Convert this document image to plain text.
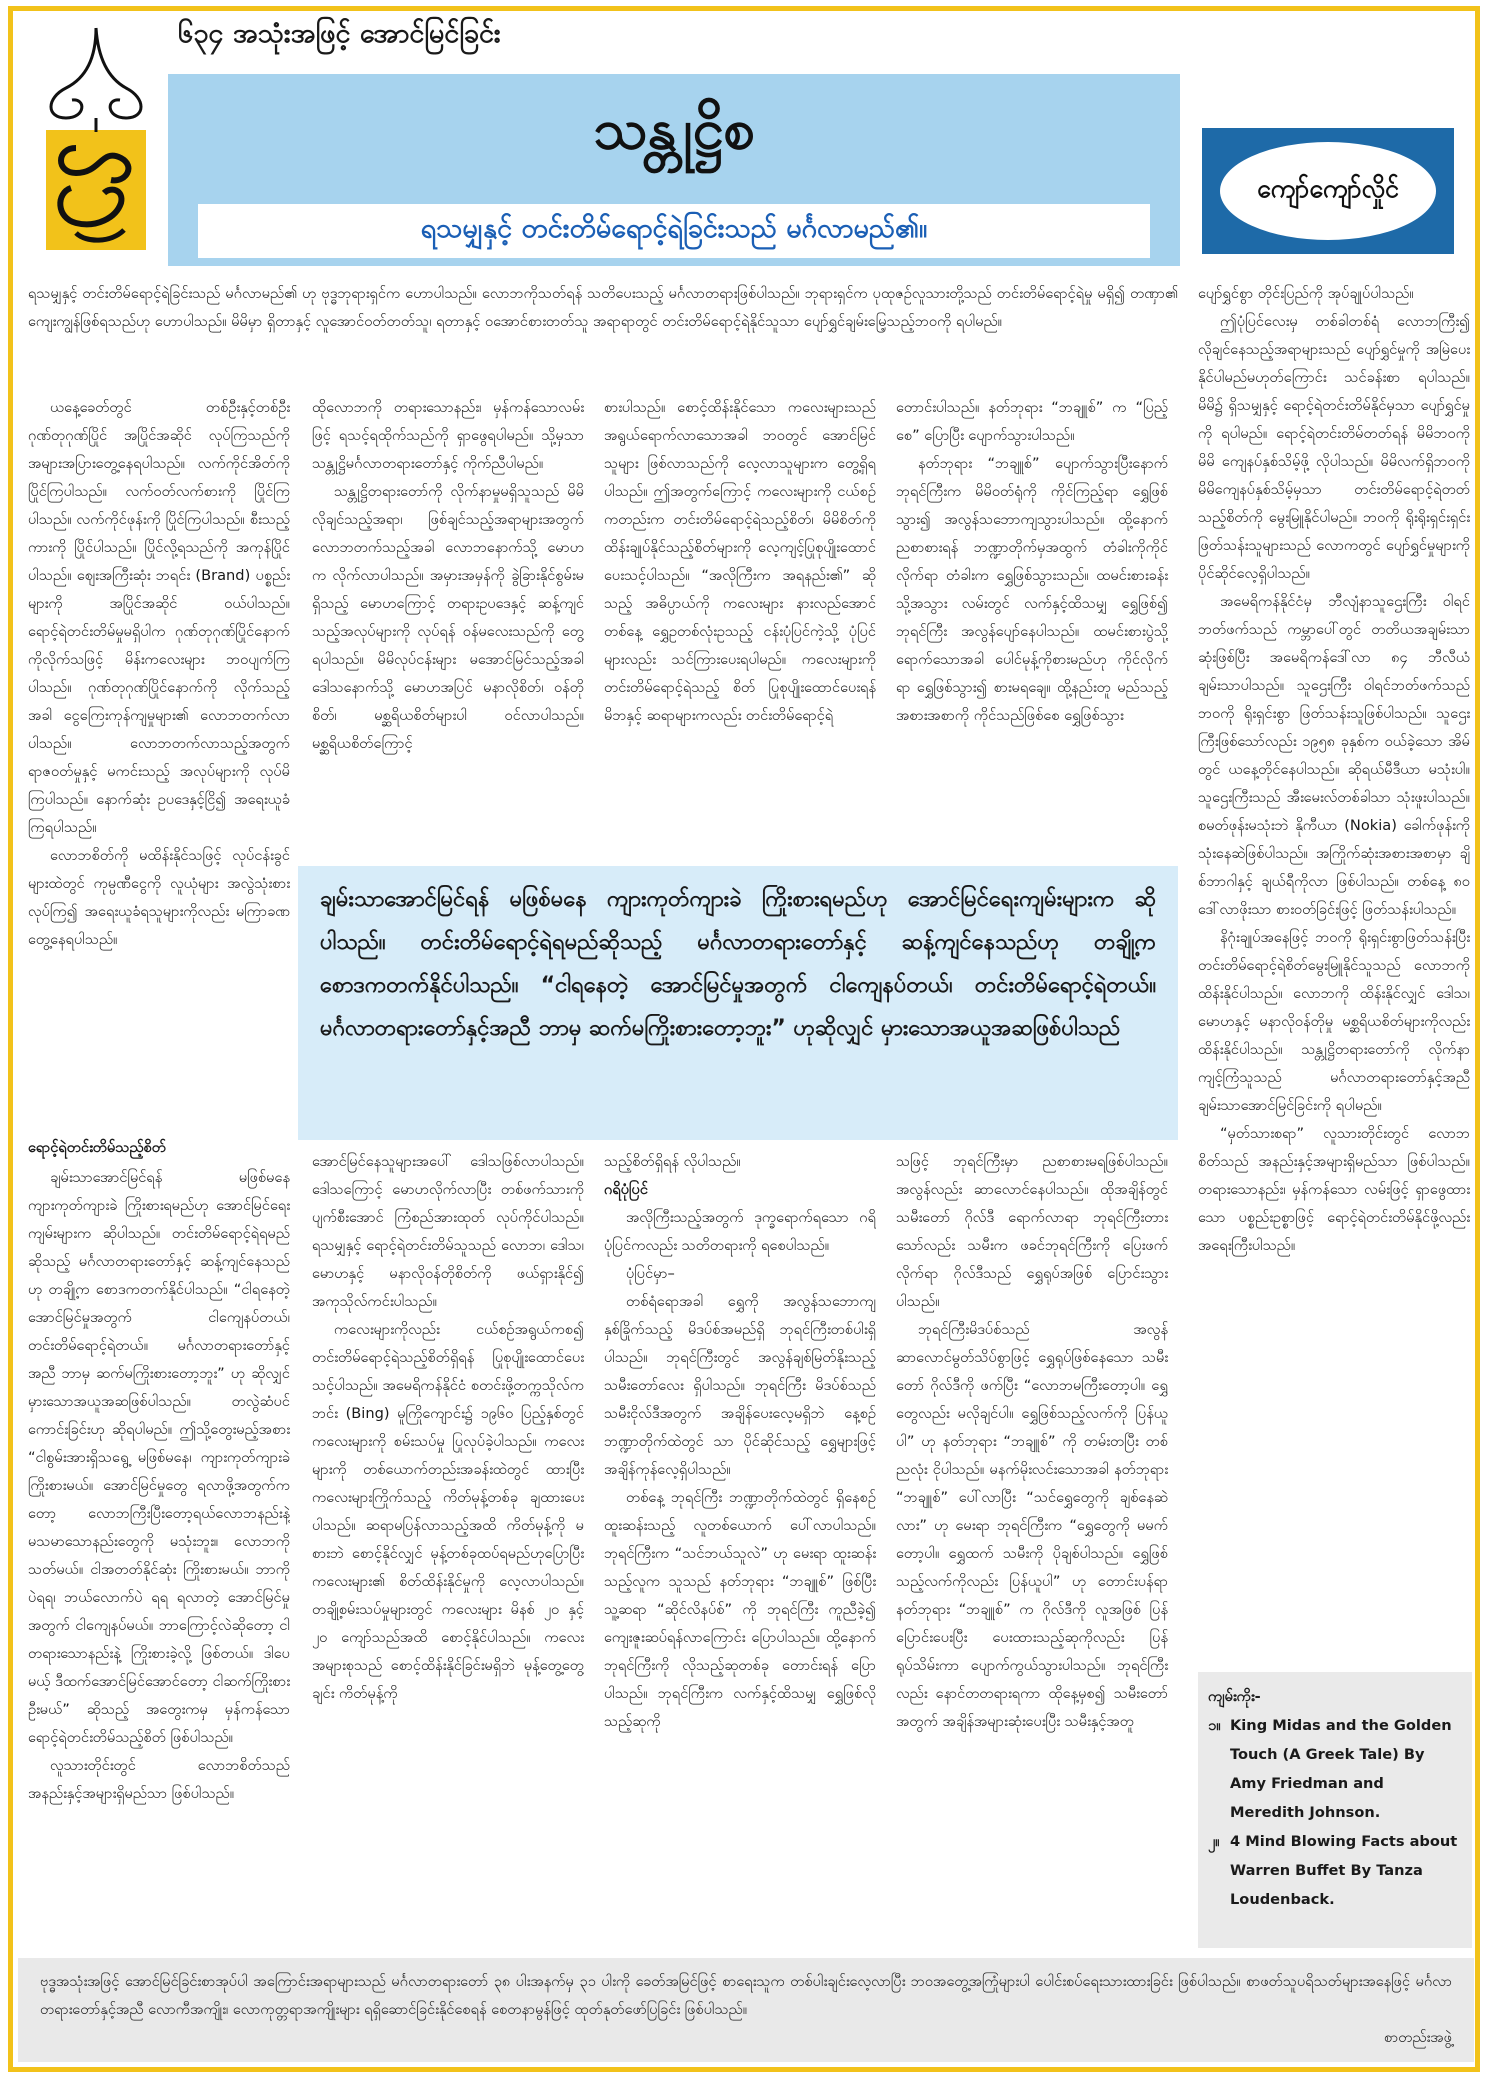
၆၃၄ အသုံးအဖြင့် အောင်မြင်ခြင်း
သန္တုဋ္ဌိစ
ရသမျှနှင့် တင်းတိမ်ရောင့်ရဲခြင်းသည် မင်္ဂလာမည်၏။
ကျော်ကျော်လှိုင်

ရသမျှနှင့် တင်းတိမ်ရောင့်ရဲခြင်းသည် မင်္ဂလာမည်၏ ဟု ဗုဒ္ဓဘုရားရှင်က ဟောပါသည်။ လောဘကိုသတ်ရန် သတိပေးသည့် မင်္ဂလာတရားဖြစ်ပါသည်။ ဘုရားရှင်က ပုထုဇဉ်လူသားတို့သည် တင်းတိမ်ရောင့်ရဲမှု မရှိ၍ တဏှာ၏ ကျေးကျွန်ဖြစ်ရသည်ဟု ဟောပါသည်။ မိမိမှာ ရှိတာနှင့် လူအောင်ဝတ်တတ်သူ၊ ရတာနှင့် ဝအောင်စားတတ်သူ အရာရာတွင် တင်းတိမ်ရောင့်ရဲနိုင်သူသာ ပျော်ရွှင်ချမ်းမြေ့သည့်ဘဝကို ရပါမည်။

ယနေ့ခေတ်တွင် တစ်ဦးနှင့်တစ်ဦး ဂုဏ်တုဂုဏ်ပြိုင် အပြိုင်အဆိုင် လုပ်ကြသည်ကို အများအပြားတွေ့နေရပါသည်။ လက်ကိုင်အိတ်ကို ပြိုင်ကြပါသည်။ လက်ဝတ်လက်စားကို ပြိုင်ကြပါသည်။ လက်ကိုင်ဖုန်းကို ပြိုင်ကြပါသည်။ စီးသည့်ကားကို ပြိုင်ပါသည်။ ပြိုင်လို့ရသည်ကို အကုန်ပြိုင်ပါသည်။ ဈေးအကြီးဆုံး ဘရင်း (Brand) ပစ္စည်းများကို အပြိုင်အဆိုင် ဝယ်ပါသည်။ ရောင့်ရဲတင်းတိမ်မှုမရှိပါက ဂုဏ်တုဂုဏ်ပြိုင်နောက်ကိုလိုက်သဖြင့် မိန်းကလေးများ ဘဝပျက်ကြပါသည်။ ဂုဏ်တုဂုဏ်ပြိုင်နောက်ကို လိုက်သည့်အခါ ငွေကြေးကုန်ကျမှုများ၏ လောဘတက်လာပါသည်။ လောဘတက်လာသည့်အတွက် ရာဇဝတ်မှုနှင့် မကင်းသည့် အလုပ်များကို လုပ်မိကြပါသည်။ နောက်ဆုံး ဥပဒေနှင့်ငြိ၍ အရေးယူခံကြရပါသည်။

လောဘစိတ်ကို မထိန်းနိုင်သဖြင့် လုပ်ငန်းခွင်များထဲတွင် ကုမ္ပဏီငွေကို လူယုံများ အလွဲသုံးစားလုပ်ကြ၍ အရေးယူခံရသူများကိုလည်း မကြာခဏ တွေ့နေရပါသည်။

ရောင့်ရဲတင်းတိမ်သည့်စိတ်

ချမ်းသာအောင်မြင်ရန် မဖြစ်မနေ ကျားကုတ်ကျားခဲ ကြိုးစားရမည်ဟု အောင်မြင်ရေးကျမ်းများက ဆိုပါသည်။ တင်းတိမ်ရောင့်ရဲရမည်ဆိုသည့် မင်္ဂလာတရားတော်နှင့် ဆန့်ကျင်နေသည်ဟု တချို့က စောဒကတက်နိုင်ပါသည်။ “ငါရနေတဲ့ အောင်မြင်မှုအတွက် ငါကျေနပ်တယ်၊ တင်းတိမ်ရောင့်ရဲတယ်။ မင်္ဂလာတရားတော်နှင့်အညီ ဘာမှ ဆက်မကြိုးစားတော့ဘူး” ဟု ဆိုလျှင် မှားသောအယူအဆဖြစ်ပါသည်။ တလွဲဆံပင်ကောင်းခြင်းဟု ဆိုရပါမည်။ ဤသို့တွေးမည့်အစား “ငါစွမ်းအားရှိသရွေ့ မဖြစ်မနေ၊ ကျားကုတ်ကျားခဲ ကြိုးစားမယ်။ အောင်မြင်မှုတွေ ရလာဖို့အတွက်က တော့ လောဘကြီးပြီးတော့ရယ်လောဘနည်းနဲ့ မသမာသောနည်းတွေကို မသုံးဘူး။ လောဘကိုသတ်မယ်။ ငါအတတ်နိုင်ဆုံး ကြိုးစားမယ်။ ဘာကိုပဲရရ၊ ဘယ်လောက်ပဲ ရရ ရလာတဲ့ အောင်မြင်မှုအတွက် ငါကျေနပ်မယ်။ ဘာကြောင့်လဲဆိုတော့ ငါတရားသောနည်းနဲ့ ကြိုးစားခဲ့လို့ ဖြစ်တယ်။ ဒါပေမယ့် ဒီထက်အောင်မြင်အောင်တော့ ငါဆက်ကြိုးစားဦးမယ်” ဆိုသည့် အတွေးကမှ မှန်ကန်သော ရောင့်ရဲတင်းတိမ်သည့်စိတ် ဖြစ်ပါသည်။

လူသားတိုင်းတွင် လောဘစိတ်သည် အနည်းနှင့်အများရှိမည်သာ ဖြစ်ပါသည်။

ထိုလောဘကို တရားသောနည်း၊ မှန်ကန်သောလမ်းဖြင့် ရသင့်ရထိုက်သည်ကို ရှာဖွေရပါမည်။ သို့မှသာ သန္တုဋ္ဌိမင်္ဂလာတရားတော်နှင့် ကိုက်ညီပါမည်။

သန္တုဋ္ဌိတရားတော်ကို လိုက်နာမှုမရှိသူသည် မိမိလိုချင်သည့်အရာ၊ ဖြစ်ချင်သည့်အရာများအတွက် လောဘတက်သည့်အခါ လောဘနောက်သို့ မောဟက လိုက်လာပါသည်။ အမှားအမှန်ကို ခွဲခြားနိုင်စွမ်းမရှိသည့် မောဟကြောင့် တရားဥပဒေနှင့် ဆန့်ကျင်သည့်အလုပ်များကို လုပ်ရန် ဝန်မလေးသည်ကို တွေ့ရပါသည်။ မိမိလုပ်ငန်းများ မအောင်မြင်သည့်အခါ ဒေါသနောက်သို့ မောဟအပြင် မနာလိုစိတ်၊ ဝန်တိုစိတ်၊ မစ္ဆရိယစိတ်များပါ ဝင်လာပါသည်။ မစ္ဆရိယစိတ်ကြောင့်

အောင်မြင်နေသူများအပေါ် ဒေါသဖြစ်လာပါသည်။ ဒေါသကြောင့် မောဟလိုက်လာပြီး တစ်ဖက်သားကို ပျက်စီးအောင် ကြံစည်အားထုတ် လုပ်ကိုင်ပါသည်။ ရသမျှနှင့် ရောင့်ရဲတင်းတိမ်သူသည် လောဘ၊ ဒေါသ၊ မောဟနှင့် မနာလိုဝန်တိုစိတ်ကို ဖယ်ရှားနိုင်၍ အကုသိုလ်ကင်းပါသည်။

ကလေးများကိုလည်း ငယ်စဉ်အရွယ်ကစ၍ တင်းတိမ်ရောင့်ရဲသည့်စိတ်ရှိရန် ပြုစုပျိုးထောင်ပေးသင့်ပါသည်။ အမေရိကန်နိုင်ငံ စတင်းဖို့တက္ကသိုလ်က ဘင်း (Bing) မူကြိုကျောင်း၌ ၁၉၆၀ ပြည့်နှစ်တွင် ကလေးများကို စမ်းသပ်မှု ပြုလုပ်ခဲ့ပါသည်။ ကလေးများကို တစ်ယောက်တည်းအခန်းထဲတွင် ထားပြီး ကလေးများကြိုက်သည့် ကိတ်မုန့်တစ်ခု ချထားပေးပါသည်။ ဆရာမပြန်လာသည့်အထိ ကိတ်မုန့်ကို မစားဘဲ စောင့်နိုင်လျှင် မုန့်တစ်ခုထပ်ရမည်ဟုပြောပြီး ကလေးများ၏ စိတ်ထိန်းနိုင်မှုကို လေ့လာပါသည်။ တချို့စမ်းသပ်မှုများတွင် ကလေးများ မိနစ် ၂၀ နှင့် ၂၀ ကျော်သည်အထိ စောင့်နိုင်ပါသည်။ ကလေးအများစုသည် စောင့်ထိန်းနိုင်ခြင်းမရှိဘဲ မုန့်တွေ့တွေ့ချင်း ကိတ်မုန့်ကို

စားပါသည်။ စောင့်ထိန်းနိုင်သော ကလေးများသည် အရွယ်ရောက်လာသောအခါ ဘဝတွင် အောင်မြင်သူများ ဖြစ်လာသည်ကို လေ့လာသူများက တွေ့ရှိရပါသည်။ ဤအတွက်ကြောင့် ကလေးများကို ငယ်စဉ်ကတည်းက တင်းတိမ်ရောင့်ရဲသည့်စိတ်၊ မိမိစိတ်ကို ထိန်းချုပ်နိုင်သည့်စိတ်များကို လေ့ကျင့်ပြုစုပျိုးထောင်ပေးသင့်ပါသည်။ “အလိုကြီးက အရနည်း၏” ဆိုသည့် အဓိပ္ပာယ်ကို ကလေးများ နားလည်အောင် တစ်နေ့ ရွှေဥတစ်လုံးဥသည့် ငန်းပုံပြင်ကဲ့သို့ ပုံပြင်များလည်း သင်ကြားပေးရပါမည်။ ကလေးများကို တင်းတိမ်ရောင့်ရဲသည့် စိတ် ပြုစုပျိုးထောင်ပေးရန် မိဘနှင့် ဆရာများကလည်း တင်းတိမ်ရောင့်ရဲ

သည့်စိတ်ရှိရန် လိုပါသည်။

ဂရိပုံပြင်

အလိုကြီးသည့်အတွက် ဒုက္ခရောက်ရသော ဂရိပုံပြင်ကလည်း သတိတရားကို ရစေပါသည်။

ပုံပြင်မှာ–

တစ်ရံရောအခါ ရွှေကို အလွန်သဘောကျ နှစ်ခြိုက်သည့် မိဒပ်စ်အမည်ရှိ ဘုရင်ကြီးတစ်ပါးရှိပါသည်။ ဘုရင်ကြီးတွင် အလွန်ချစ်မြတ်နိုးသည့် သမီးတော်လေး ရှိပါသည်။ ဘုရင်ကြီး မိဒပ်စ်သည် သမီးငိုလ်ဒီအတွက် အချိန်ပေးလေ့မရှိဘဲ နေ့စဉ်ဘဏ္ဍာတိုက်ထဲတွင် သာ ပိုင်ဆိုင်သည့် ရွှေများဖြင့် အချိန်ကုန်လေ့ရှိပါသည်။

တစ်နေ့ ဘုရင်ကြီး ဘဏ္ဍာတိုက်ထဲတွင် ရှိနေစဉ် ထူးဆန်းသည့် လူတစ်ယောက် ပေါ်လာပါသည်။ ဘုရင်ကြီးက “သင်ဘယ်သူလဲ” ဟု မေးရာ ထူးဆန်းသည့်လူက သူသည် နတ်ဘုရား “ဘချူစ်” ဖြစ်ပြီး သူ့ဆရာ “ဆိုင်လိနပ်စ်” ကို ဘုရင်ကြီး ကူညီခဲ့၍ ကျေးဇူးဆပ်ရန်လာကြောင်း ပြောပါသည်။ ထို့နောက်ဘုရင်ကြီးကို လိုသည့်ဆုတစ်ခု တောင်းရန် ပြောပါသည်။ ဘုရင်ကြီးက လက်နှင့်ထိသမျှ ရွှေဖြစ်လိုသည့်ဆုကို

တောင်းပါသည်။ နတ်ဘုရား “ဘချူစ်” က “ပြည့်စေ” ပြောပြီး ပျောက်သွားပါသည်။

နတ်ဘုရား “ဘချူစ်” ပျောက်သွားပြီးနောက် ဘုရင်ကြီးက မိမိဝတ်ရုံကို ကိုင်ကြည့်ရာ ရွှေဖြစ်သွား၍ အလွန်သဘောကျသွားပါသည်။ ထို့နောက် ညစာစားရန် ဘဏ္ဍာတိုက်မှအထွက် တံခါးကိုကိုင်လိုက်ရာ တံခါးက ရွှေဖြစ်သွားသည်။ ထမင်းစားခန်းသို့အသွား လမ်းတွင် လက်နှင့်ထိသမျှ ရွှေဖြစ်၍ ဘုရင်ကြီး အလွန်ပျော်နေပါသည်။ ထမင်းစားပွဲသို့ ရောက်သောအခါ ပေါင်မုန့်ကိုစားမည်ဟု ကိုင်လိုက်ရာ ရွှေဖြစ်သွား၍ စားမရချေ။ ထို့နည်းတူ မည်သည့်အစားအစာကို ကိုင်သည်ဖြစ်စေ ရွှေဖြစ်သွား

သဖြင့် ဘုရင်ကြီးမှာ ညစာစားမရဖြစ်ပါသည်။ အလွန်လည်း ဆာလောင်နေပါသည်။ ထိုအချိန်တွင် သမီးတော် ဂိုလ်ဒီ ရောက်လာရာ ဘုရင်ကြီးတားသော်လည်း သမီးက ဖခင်ဘုရင်ကြီးကို ပြေးဖက်လိုက်ရာ ဂိုလ်ဒီသည် ရွှေရုပ်အဖြစ် ပြောင်းသွားပါသည်။

ဘုရင်ကြီးမိဒပ်စ်သည် အလွန်ဆာလောင်မွတ်သိပ်စွာဖြင့် ရွှေရုပ်ဖြစ်နေသော သမီးတော် ဂိုလ်ဒီကို ဖက်ပြီး “လောဘမကြီးတော့ပါ။ ရွှေတွေလည်း မလိုချင်ပါ။ ရွှေဖြစ်သည့်လက်ကို ပြန်ယူပါ” ဟု နတ်ဘုရား “ဘချူစ်” ကို တမ်းတပြီး တစ်ညလုံး ငိုပါသည်။ မနက်မိုးလင်းသောအခါ နတ်ဘုရား “ဘချူစ်” ပေါ်လာပြီး “သင်ရွှေတွေကို ချစ်နေဆဲလား” ဟု မေးရာ ဘုရင်ကြီးက “ရွှေတွေကို မမက်တော့ပါ။ ရွှေထက် သမီးကို ပိုချစ်ပါသည်။ ရွှေဖြစ်သည့်လက်ကိုလည်း ပြန်ယူပါ” ဟု တောင်းပန်ရာ နတ်ဘုရား “ဘချူစ်” က ဂိုလ်ဒီကို လူအဖြစ် ပြန်ပြောင်းပေးပြီး ပေးထားသည့်ဆုကိုလည်း ပြန်ရုပ်သိမ်းကာ ပျောက်ကွယ်သွားပါသည်။ ဘုရင်ကြီးလည်း နောင်တတရားရကာ ထိုနေ့မှစ၍ သမီးတော်အတွက် အချိန်အများဆုံးပေးပြီး သမီးနှင့်အတူ

ပျော်ရွှင်စွာ တိုင်းပြည်ကို အုပ်ချုပ်ပါသည်။

ဤပုံပြင်လေးမှ တစ်ခါတစ်ရံ လောဘကြီး၍ လိုချင်နေသည့်အရာများသည် ပျော်ရွှင်မှုကို အမြဲပေးနိုင်ပါမည်မဟုတ်ကြောင်း သင်ခန်းစာ ရပါသည်။ မိမိ၌ ရှိသမျှနှင့် ရောင့်ရဲတင်းတိမ်နိုင်မှသာ ပျော်ရွှင်မှုကို ရပါမည်။ ရောင့်ရဲတင်းတိမ်တတ်ရန် မိမိဘဝကိုမိမိ ကျေနပ်နှစ်သိမ့်ဖို့ လိုပါသည်။ မိမိလက်ရှိဘဝကို မိမိကျေနပ်နှစ်သိမ့်မှသာ တင်းတိမ်ရောင့်ရဲတတ်သည့်စိတ်ကို မွေးမြူနိုင်ပါမည်။ ဘဝကို ရိုးရိုးရှင်းရှင်း ဖြတ်သန်းသူများသည် လောကတွင် ပျော်ရွှင်မှုများကို ပိုင်ဆိုင်လေ့ရှိပါသည်။

အမေရိကန်နိုင်ငံမှ ဘီလျံနာသူဌေးကြီး ဝါရင်ဘတ်ဖက်သည် ကမ္ဘာပေါ်တွင် တတိယအချမ်းသာဆုံးဖြစ်ပြီး အမေရိကန်ဒေါ်လာ ၈၄ ဘီလီယံ ချမ်းသာပါသည်။ သူဌေးကြီး ဝါရင်ဘတ်ဖက်သည် ဘဝကို ရိုးရှင်းစွာ ဖြတ်သန်းသူဖြစ်ပါသည်။ သူဌေးကြီးဖြစ်သော်လည်း ၁၉၅၈ ခုနှစ်က ဝယ်ခဲ့သော အိမ်တွင် ယနေ့တိုင်နေပါသည်။ ဆိုရယ်မီဒီယာ မသုံးပါ။ သူဌေးကြီးသည် အီးမေးလ်တစ်ခါသာ သုံးဖူးပါသည်။ စမတ်ဖုန်းမသုံးဘဲ နိုကီယာ (Nokia) ခေါက်ဖုန်းကို သုံးနေဆဲဖြစ်ပါသည်။ အကြိုက်ဆုံးအစားအစာမှာ ချိစ်ဘာဂါနှင့် ချယ်ရီကိုလာ ဖြစ်ပါသည်။ တစ်နေ့ ၈၀ ဒေါ်လာဖိုးသာ စားဝတ်ခြင်းဖြင့် ဖြတ်သန်းပါသည်။

နိဂုံးချုပ်အနေဖြင့် ဘဝကို ရိုးရှင်းစွာဖြတ်သန်းပြီး တင်းတိမ်ရောင့်ရဲစိတ်မွေးမြူနိုင်သူသည် လောဘကို ထိန်းနိုင်ပါသည်။ လောဘကို ထိန်းနိုင်လျှင် ဒေါသ၊ မောဟနှင့် မနာလိုဝန်တိုမှု မစ္ဆရိယစိတ်များကိုလည်း ထိန်းနိုင်ပါသည်။ သန္တုဋ္ဌိတရားတော်ကို လိုက်နာကျင့်ကြံသူသည် မင်္ဂလာတရားတော်နှင့်အညီ ချမ်းသာအောင်မြင်ခြင်းကို ရပါမည်။

“မှတ်သားစရာ” လူသားတိုင်းတွင် လောဘစိတ်သည် အနည်းနှင့်အများရှိမည်သာ ဖြစ်ပါသည်။ တရားသောနည်း၊ မှန်ကန်သော လမ်းဖြင့် ရှာဖွေထားသော ပစ္စည်းဥစ္စာဖြင့် ရောင့်ရဲတင်းတိမ်နိုင်ဖို့လည်း အရေးကြီးပါသည်။

ချမ်းသာအောင်မြင်ရန် မဖြစ်မနေ ကျားကုတ်ကျားခဲ ကြိုးစားရမည်ဟု အောင်မြင်ရေးကျမ်းများက ဆိုပါသည်။ တင်းတိမ်ရောင့်ရဲရမည်ဆိုသည့် မင်္ဂလာတရားတော်နှင့် ဆန့်ကျင်နေသည်ဟု တချို့က စောဒကတက်နိုင်ပါသည်။ “ငါရနေတဲ့ အောင်မြင်မှုအတွက် ငါကျေနပ်တယ်၊ တင်းတိမ်ရောင့်ရဲတယ်။ မင်္ဂလာတရားတော်နှင့်အညီ ဘာမှ ဆက်မကြိုးစားတော့ဘူး” ဟုဆိုလျှင် မှားသောအယူအဆဖြစ်ပါသည်

ကျမ်းကိုး-
၁။ King Midas and the Golden Touch (A Greek Tale) By Amy Friedman and Meredith Johnson.
၂။ 4 Mind Blowing Facts about Warren Buffet By Tanza Loudenback.
ဗုဒ္ဓအသုံးအဖြင့် အောင်မြင်ခြင်းစာအုပ်ပါ အကြောင်းအရာများသည် မင်္ဂလာတရားတော် ၃၈ ပါးအနက်မှ ၃၁ ပါးကို ခေတ်အမြင်ဖြင့် စာရေးသူက တစ်ပါးချင်းလေ့လာပြီး ဘဝအတွေ့အကြုံများပါ ပေါင်းစပ်ရေးသားထားခြင်း ဖြစ်ပါသည်။ စာဖတ်သူပရိသတ်များအနေဖြင့် မင်္ဂလာတရားတော်နှင့်အညီ လောကီအကျိုး၊ လောကုတ္တရာအကျိုးများ ရရှိဆောင်ခြင်းနိုင်စေရန် စေတနာမွန်ဖြင့် ထုတ်နုတ်ဖော်ပြခြင်း ဖြစ်ပါသည်။
စာတည်းအဖွဲ့
